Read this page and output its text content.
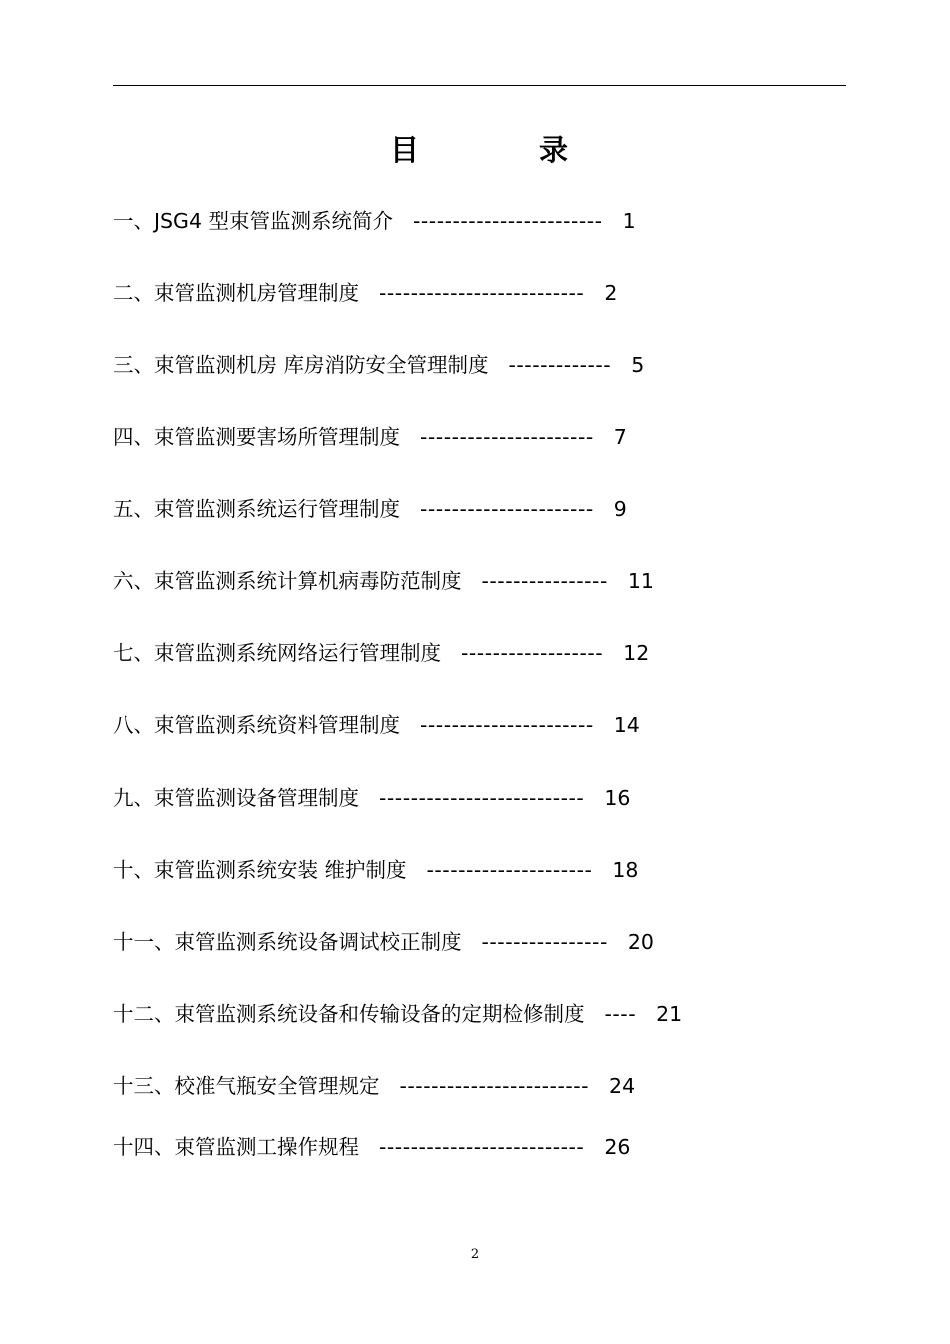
目	录
一、JSG4 型束管监测系统简介 ------------------------ 1
二、束管监测机房管理制度 -------------------------- 2
三、束管监测机房 库房消防安全管理制度 ------------- 5
四、束管监测要害场所管理制度 ---------------------- 7
五、束管监测系统运行管理制度 ---------------------- 9
六、束管监测系统计算机病毒防范制度 ---------------- 11
七、束管监测系统网络运行管理制度 ------------------ 12
八、束管监测系统资料管理制度 ---------------------- 14
九、束管监测设备管理制度 -------------------------- 16
十、束管监测系统安装 维护制度 --------------------- 18
十一、束管监测系统设备调试校正制度 ---------------- 20
十二、束管监测系统设备和传输设备的定期检修制度 ---- 21
十三、校准气瓶安全管理规定 ------------------------ 24
十四、束管监测工操作规程 -------------------------- 26
2
